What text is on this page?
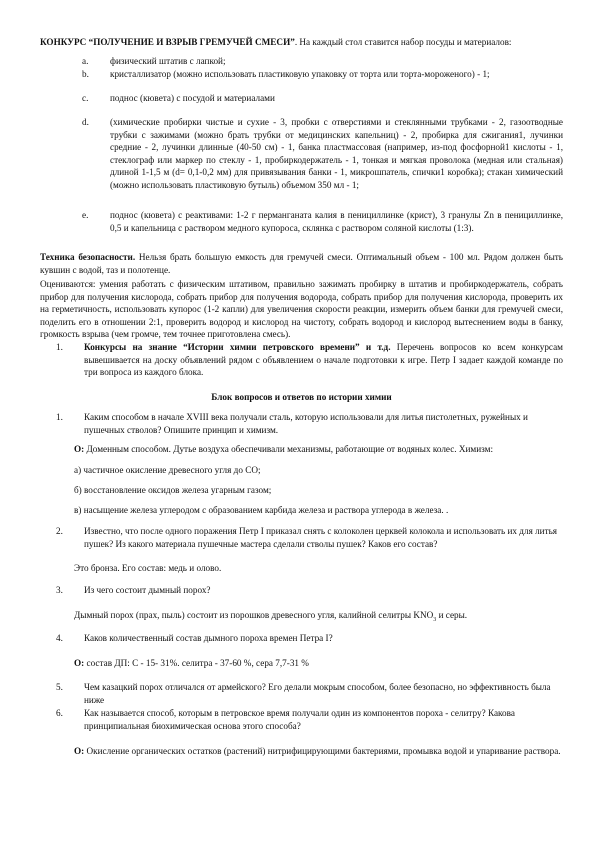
КОНКУРС “ПОЛУЧЕНИЕ И ВЗРЫВ ГРЕМУЧЕЙ СМЕСИ”. На каждый стол ставится набор посуды и материалов:
a. физический штатив с лапкой;
b. кристаллизатор (можно использовать пластиковую упаковку от торта или торта-мороженого) - 1;
c. поднос (кювета) с посудой и материалами
d. (химические пробирки чистые и сухие - 3, пробки с отверстиями и стеклянными трубками - 2, газоотводные трубки с зажимами (можно брать трубки от медицинских капельниц) - 2, пробирка для сжигания1, лучинки средние - 2, лучинки длинные (40-50 см) - 1, банка пластмассовая (например, из-под фосфорной1 кислоты - 1, стеклограф или маркер по стеклу - 1, пробиркодержатель - 1, тонкая и мягкая проволока (медная или стальная) длиной 1-1,5 м (d= 0,1-0,2 мм) для привязывания банки - 1, микрошпатель, спички1 коробка); стакан химический (можно использовать пластиковую бутыль) объемом 350 мл - 1;
e. поднос (кювета) с реактивами: 1-2 г перманганата калия в пенициллинке (крист), 3 гранулы Zn в пенициллинке, 0,5 и капельница с раствором медного купороса, склянка с раствором соляной кислоты (1:3).
Техника безопасности. Нельзя брать большую емкость для гремучей смеси. Оптимальный объем - 100 мл. Рядом должен быть кувшин с водой, таз и полотенце.
Оцениваются: умения работать с физическим штативом, правильно зажимать пробирку в штатив и пробиркодержатель, собрать прибор для получения кислорода, собрать прибор для получения водорода, собрать прибор для получения кислорода, проверить их на герметичность, использовать купорос (1-2 капли) для увеличения скорости реакции, измерить объем банки для гремучей смеси, поделить его в отношении 2:1, проверить водород и кислород на чистоту, собрать водород и кислород вытеснением воды в банку, громкость взрыва (чем громче, тем точнее приготовлена смесь).
1. Конкурсы на знание “Истории химии петровского времени” и т.д. Перечень вопросов ко всем конкурсам вывешивается на доску объявлений рядом с объявлением о начале подготовки к игре. Петр I задает каждой команде по три вопроса из каждого блока.
Блок вопросов и ответов по истории химии
1. Каким способом в начале XVIII века получали сталь, которую использовали для литья пистолетных, ружейных и пушечных стволов? Опишите принцип и химизм.
О: Доменным способом. Дутье воздуха обеспечивали механизмы, работающие от водяных колес. Химизм:
а) частичное окисление древесного угля до CO;
б) восстановление оксидов железа угарным газом;
в) насыщение железа углеродом с образованием карбида железа и раствора углерода в железа. .
2. Известно, что после одного поражения Петр I приказал снять с колоколен церквей колокола и использовать их для литья пушек? Из какого материала пушечные мастера сделали стволы пушек? Каков его состав?
Это бронза. Его состав: медь и олово.
3. Из чего состоит дымный порох?
Дымный порох (прах, пыль) состоит из порошков древесного угля, калийной селитры $KNO_3$ и серы.
4. Каков количественный состав дымного пороха времен Петра I?
О: состав ДП: С - 15- 31%. селитра - 37-60 %, сера 7,7-31 %
5. Чем казацкий порох отличался от армейского? Его делали мокрым способом, более безопасно, но эффективность была ниже
6. Как называется способ, которым в петровское время получали один из компонентов пороха - селитру? Какова принципиальная биохимическая основа этого способа?
О: Окисление органических остатков (растений) нитрифицирующими бактериями, промывка водой и упаривание раствора.
